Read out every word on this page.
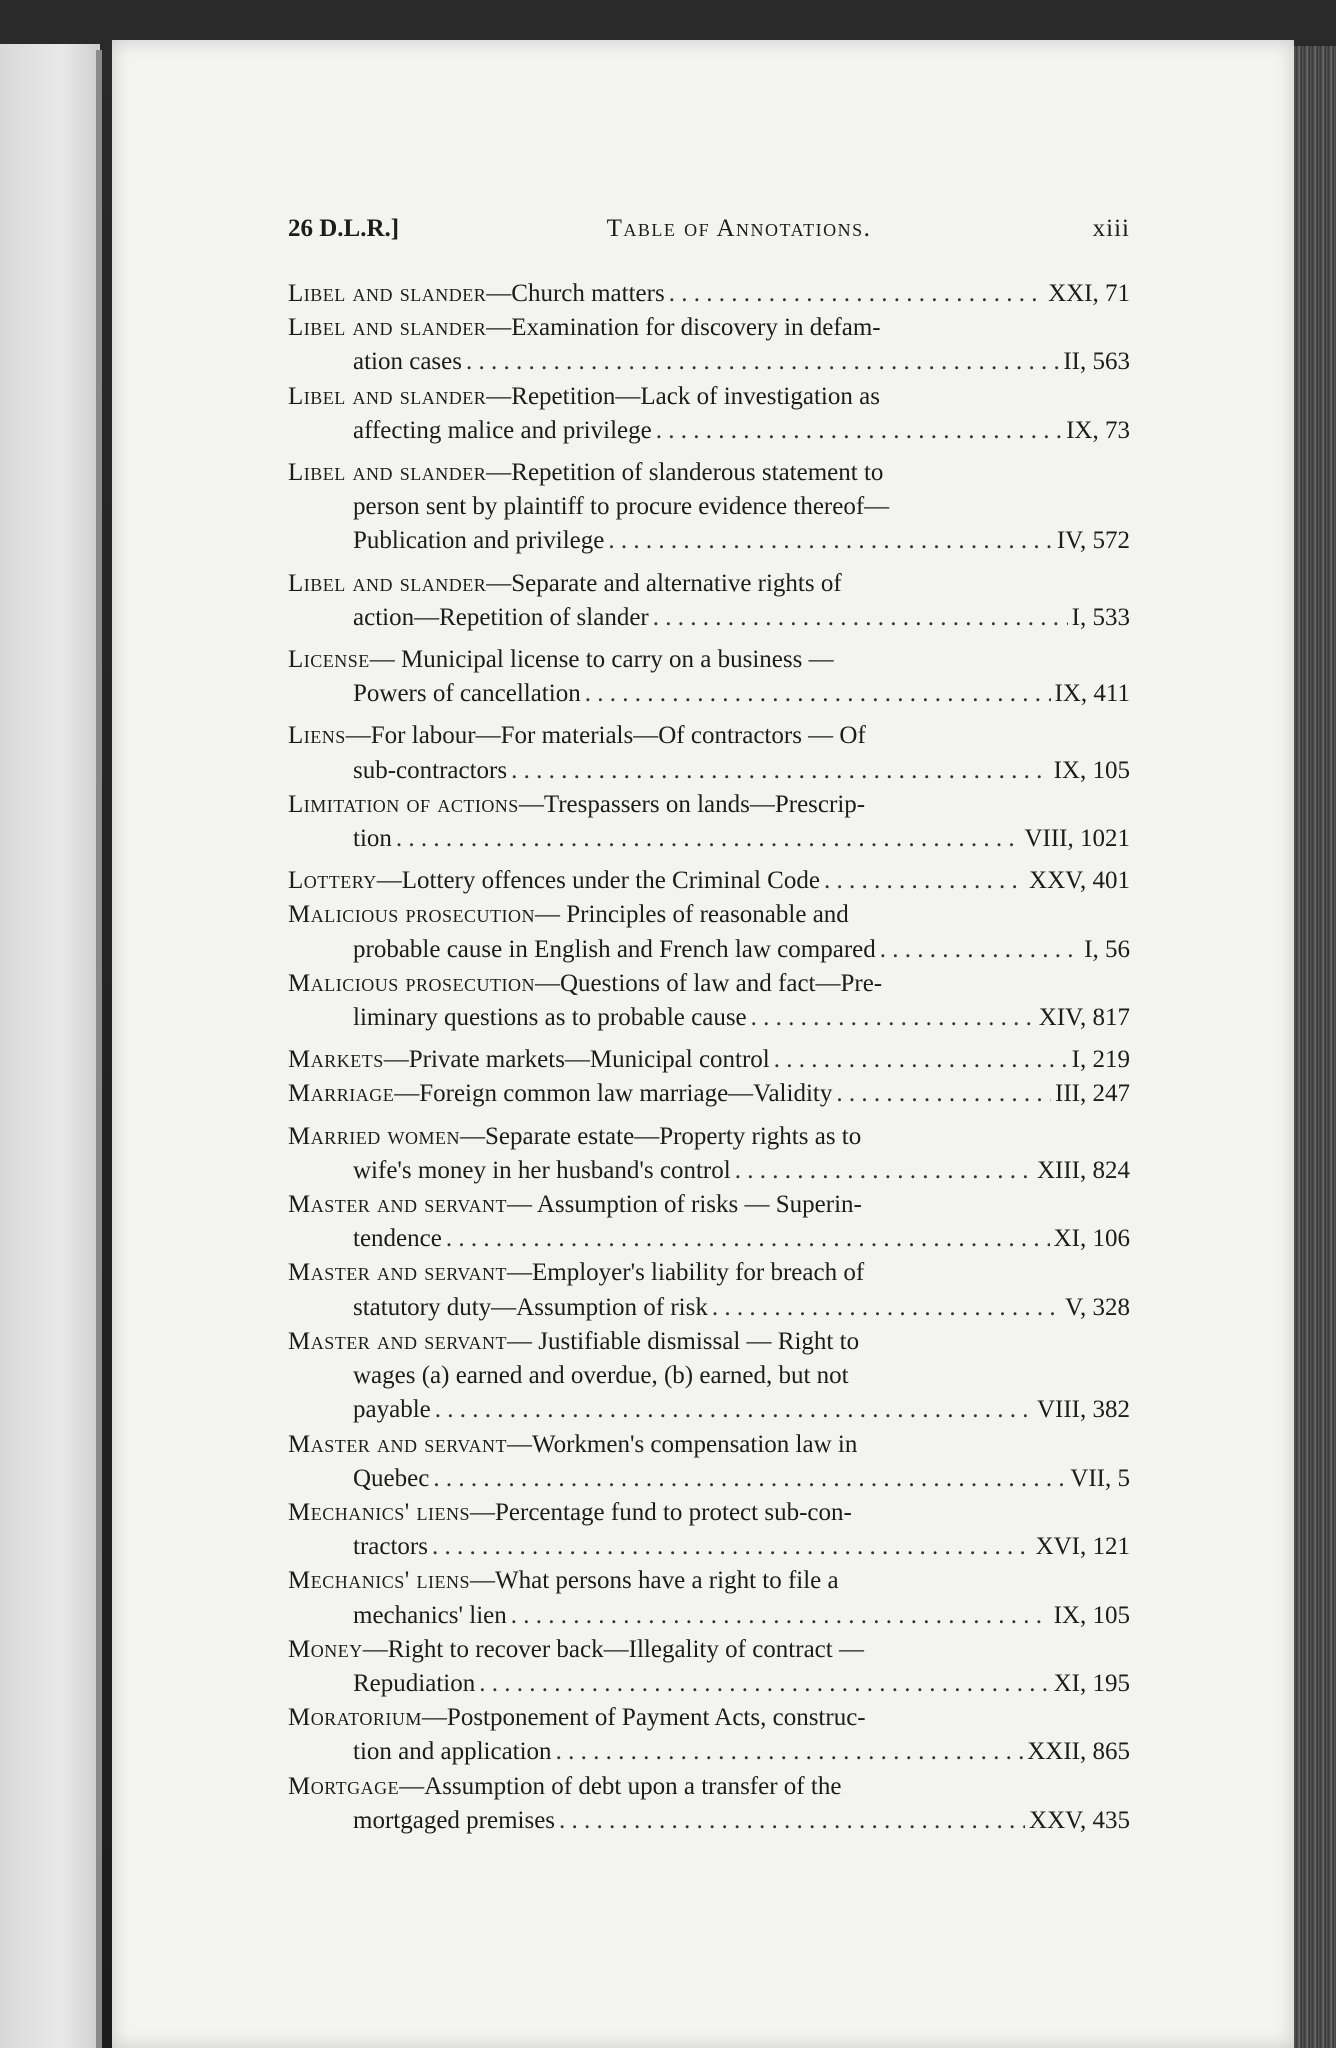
26 D.L.R.]	Table of Annotations.	xiii
Libel and slander —Church matters . . .	XXI, 71
Libel and slander —Examination for discovery in defam-
ation cases . . .	II, 563
Libel and slander —Repetition—Lack of investigation as
affecting malice and privilege . . .	IX, 73
Libel and slander —Repetition of slanderous statement to
person sent by plaintiff to procure evidence thereof—
Publication and privilege . . .	IV, 572
Libel and slander —Separate and alternative rights of
action—Repetition of slander . . .	I, 533
License — Municipal license to carry on a business —
Powers of cancellation . . .	IX, 411
Liens —For labour—For materials—Of contractors — Of
sub-contractors . . .	IX, 105
Limitation of actions —Trespassers on lands—Prescrip-
tion . . .	VIII, 1021
Lottery —Lottery offences under the Criminal Code . . .	XXV, 401
Malicious prosecution — Principles of reasonable and
probable cause in English and French law compared . . .	I, 56
Malicious prosecution —Questions of law and fact—Pre-
liminary questions as to probable cause . . .	XIV, 817
Markets —Private markets—Municipal control . . .	I, 219
Marriage —Foreign common law marriage—Validity . . .	III, 247
Married women —Separate estate—Property rights as to
wife's money in her husband's control . . .	XIII, 824
Master and servant — Assumption of risks — Superin-
tendence . . .	XI, 106
Master and servant —Employer's liability for breach of
statutory duty—Assumption of risk . . .	V, 328
Master and servant — Justifiable dismissal — Right to
wages (a) earned and overdue, (b) earned, but not
payable . . .	VIII, 382
Master and servant —Workmen's compensation law in
Quebec . . .	VII, 5
Mechanics' liens —Percentage fund to protect sub-con-
tractors . . .	XVI, 121
Mechanics' liens —What persons have a right to file a
mechanics' lien . . .	IX, 105
Money —Right to recover back—Illegality of contract —
Repudiation . . .	XI, 195
Moratorium —Postponement of Payment Acts, construc-
tion and application . . .	XXII, 865
Mortgage —Assumption of debt upon a transfer of the
mortgaged premises . . .	XXV, 435
